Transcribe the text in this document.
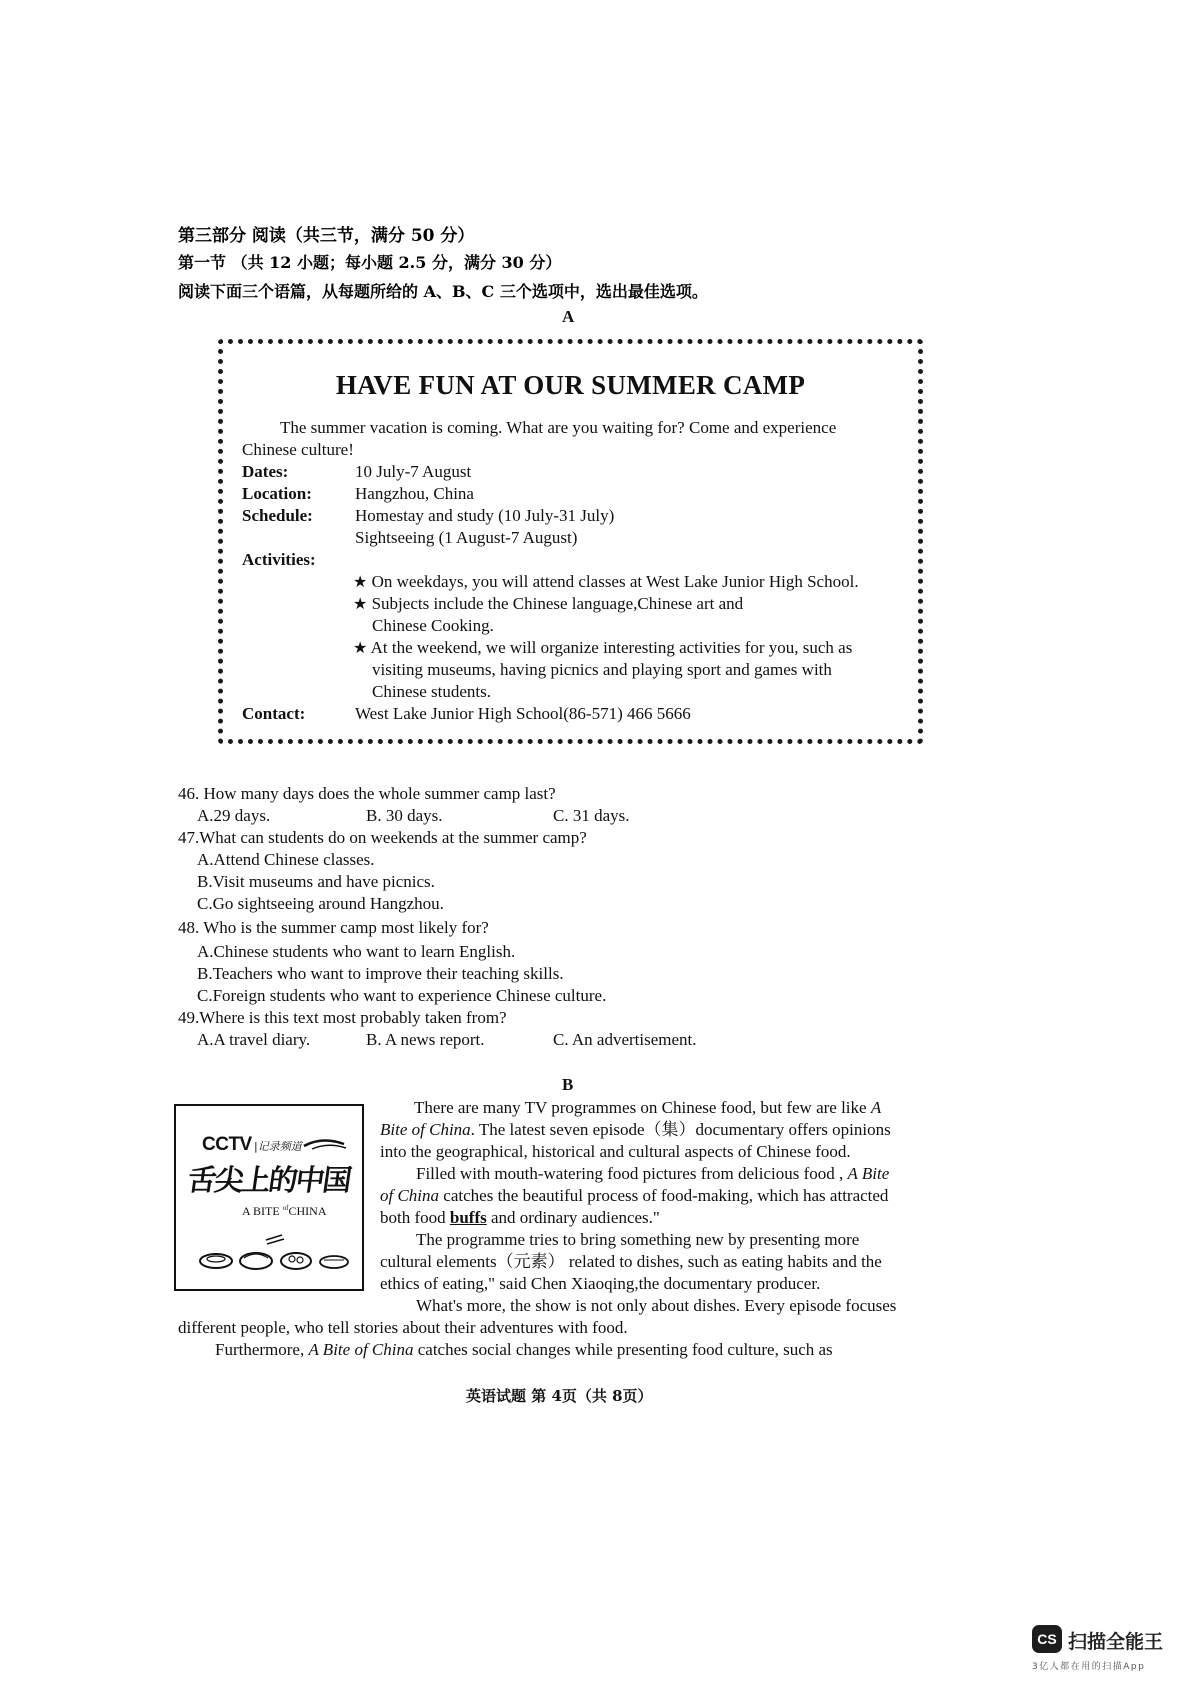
第三部分 阅读（共三节，满分 50 分）
第一节 （共 12 小题；每小题 2.5 分，满分 30 分）
阅读下面三个语篇，从每题所给的 A、B、C 三个选项中，选出最佳选项。
A
HAVE FUN AT OUR SUMMER CAMP
The summer vacation is coming. What are you waiting for? Come and experience
Chinese culture!
Dates:	10 July-7 August
Location:	Hangzhou, China
Schedule: Homestay and study (10 July-31 July)
Sightseeing (1 August-7 August)
Activities:
★ On weekdays, you will attend classes at West Lake Junior High School.
★ Subjects include the Chinese language,Chinese art and
Chinese Cooking.
★ At the weekend, we will organize interesting activities for you, such as
visiting museums, having picnics and playing sport and games with
Chinese students.
Contact:	West Lake Junior High School(86-571) 466 5666
46. How many days does the whole summer camp last?
A.29 days.	B. 30 days.	C. 31 days.
47.What can students do on weekends at the summer camp?
A.Attend Chinese classes.
B.Visit museums and have picnics.
C.Go sightseeing around Hangzhou.
48. Who is the summer camp most likely for?
A.Chinese students who want to learn English.
B.Teachers who want to improve their teaching skills.
C.Foreign students who want to experience Chinese culture.
49.Where is this text most probably taken from?
A.A travel diary.	B. A news report.	C. An advertisement.
B
CCTV |记录频道
舌尖上的中国
A BITE $^{of}$CHINA
There are many TV programmes on Chinese food, but few are like A
Bite of China. The latest seven episode（集）documentary offers opinions
into the geographical, historical and cultural aspects of Chinese food.
Filled with mouth-watering food pictures from delicious food , A Bite
of China catches the beautiful process of food-making, which has attracted
both food buffs and ordinary audiences."
The programme tries to bring something new by presenting more
cultural elements（元素） related to dishes, such as eating habits and the
ethics of eating," said Chen Xiaoqing,the documentary producer.
What's more, the show is not only about dishes. Every episode focuses
different people, who tell stories about their adventures with food.
Furthermore, A Bite of China catches social changes while presenting food culture, such as
英语试题 第 4页（共 8页）
CS 扫描全能王
3亿人都在用的扫描App
